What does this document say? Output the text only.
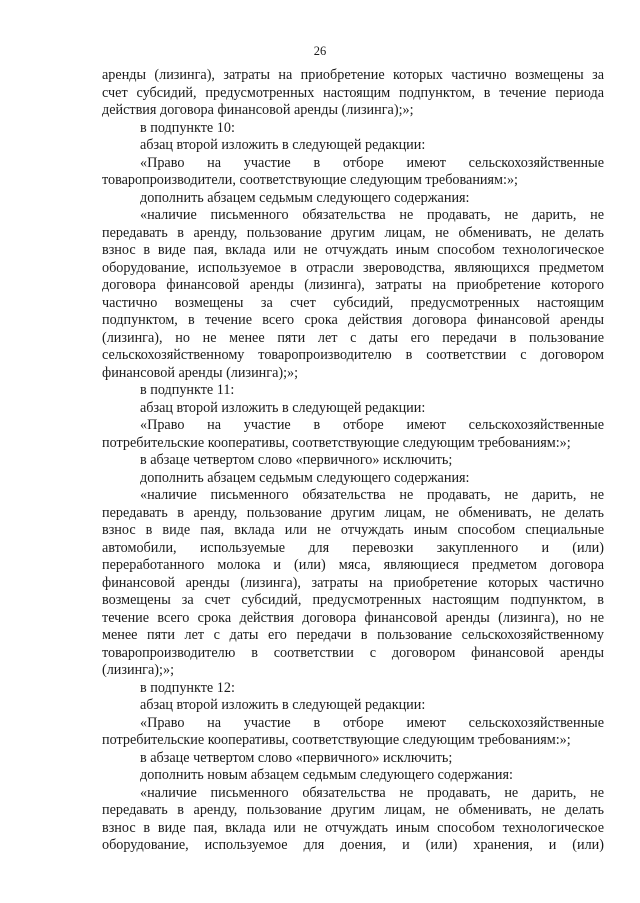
26
аренды (лизинга), затраты на приобретение которых частично возмещены за
счет субсидий, предусмотренных настоящим подпунктом, в течение периода
действия договора финансовой аренды (лизинга);»;
в подпункте 10:
абзац второй изложить в следующей редакции:
«Право на участие в отборе имеют сельскохозяйственные
товаропроизводители, соответствующие следующим требованиям:»;
дополнить абзацем седьмым следующего содержания:
«наличие письменного обязательства не продавать, не дарить, не
передавать в аренду, пользование другим лицам, не обменивать, не делать
взнос в виде пая, вклада или не отчуждать иным способом технологическое
оборудование, используемое в отрасли звероводства, являющихся предметом
договора финансовой аренды (лизинга), затраты на приобретение которого
частично возмещены за счет субсидий, предусмотренных настоящим
подпунктом, в течение всего срока действия договора финансовой аренды
(лизинга), но не менее пяти лет с даты его передачи в пользование
сельскохозяйственному товаропроизводителю в соответствии с договором
финансовой аренды (лизинга);»;
в подпункте 11:
абзац второй изложить в следующей редакции:
«Право на участие в отборе имеют сельскохозяйственные
потребительские кооперативы, соответствующие следующим требованиям:»;
в абзаце четвертом слово «первичного» исключить;
дополнить абзацем седьмым следующего содержания:
«наличие письменного обязательства не продавать, не дарить, не
передавать в аренду, пользование другим лицам, не обменивать, не делать
взнос в виде пая, вклада или не отчуждать иным способом специальные
автомобили, используемые для перевозки закупленного и (или)
переработанного молока и (или) мяса, являющиеся предметом договора
финансовой аренды (лизинга), затраты на приобретение которых частично
возмещены за счет субсидий, предусмотренных настоящим подпунктом, в
течение всего срока действия договора финансовой аренды (лизинга), но не
менее пяти лет с даты его передачи в пользование сельскохозяйственному
товаропроизводителю в соответствии с договором финансовой аренды
(лизинга);»;
в подпункте 12:
абзац второй изложить в следующей редакции:
«Право на участие в отборе имеют сельскохозяйственные
потребительские кооперативы, соответствующие следующим требованиям:»;
в абзаце четвертом слово «первичного» исключить;
дополнить новым абзацем седьмым следующего содержания:
«наличие письменного обязательства не продавать, не дарить, не
передавать в аренду, пользование другим лицам, не обменивать, не делать
взнос в виде пая, вклада или не отчуждать иным способом технологическое
оборудование, используемое для доения, и (или) хранения, и (или)
